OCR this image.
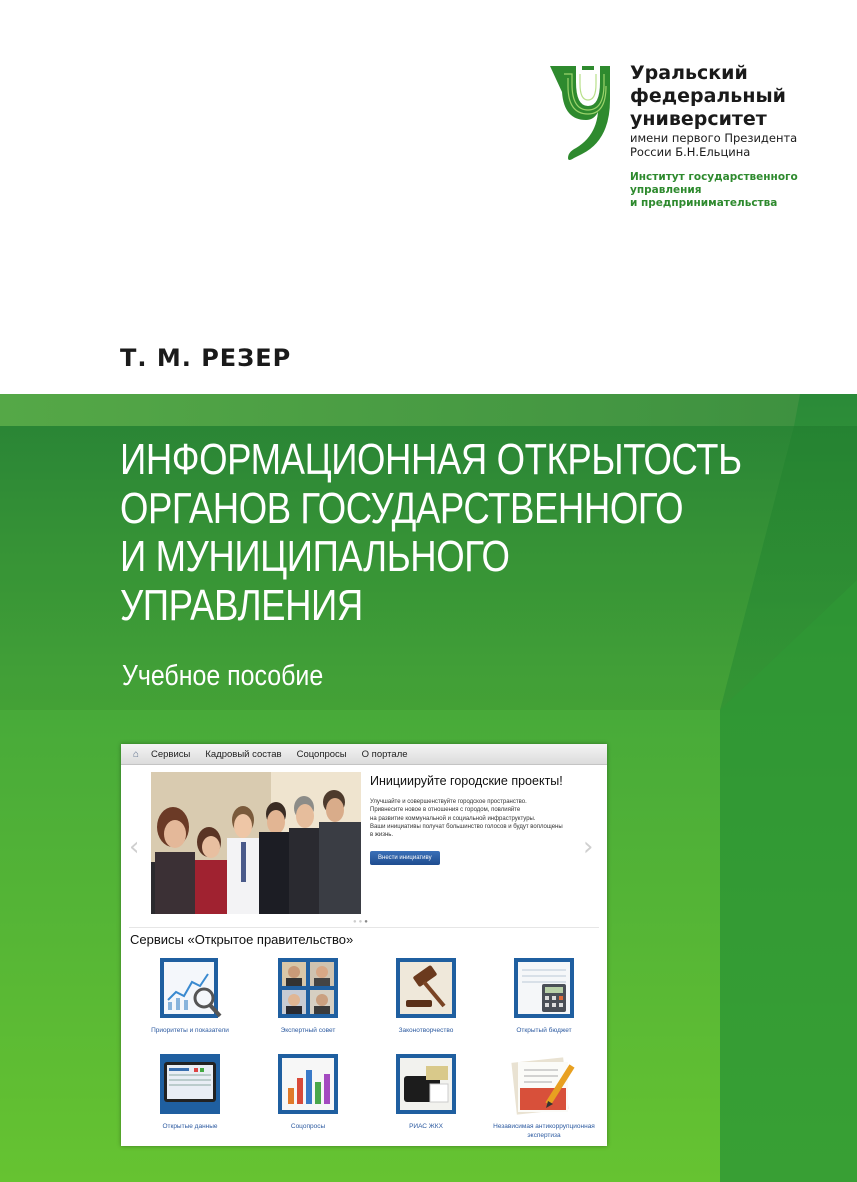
Уральский
федеральный
университет
имени первого Президента
России Б.Н.Ельцина
Институт государственного
управления
и предпринимательства
Т. М. РЕЗЕР
ИНФОРМАЦИОННАЯ ОТКРЫТОСТЬ
ОРГАНОВ ГОСУДАРСТВЕННОГО
И МУНИЦИПАЛЬНОГО
УПРАВЛЕНИЯ
Учебное пособие
⌂	Сервисы Кадровый состав Соцопросы О портале
‹	›
Инициируйте городские проекты!
Улучшайте и совершенствуйте городское пространство.
Привнесите новое в отношения с городом, повлияйте
на развитие коммунальной и социальной инфраструктуры.
Ваши инициативы получат большинство голосов и будут воплощены
в жизнь.
Внести инициативу
●●●
Сервисы «Открытое правительство»
Приоритеты и показатели	Экспертный совет	Законотворчество	Открытый бюджет
Открытые данные	Соцопросы	РИАС ЖКХ	Независимая антикоррупционная экспертиза
